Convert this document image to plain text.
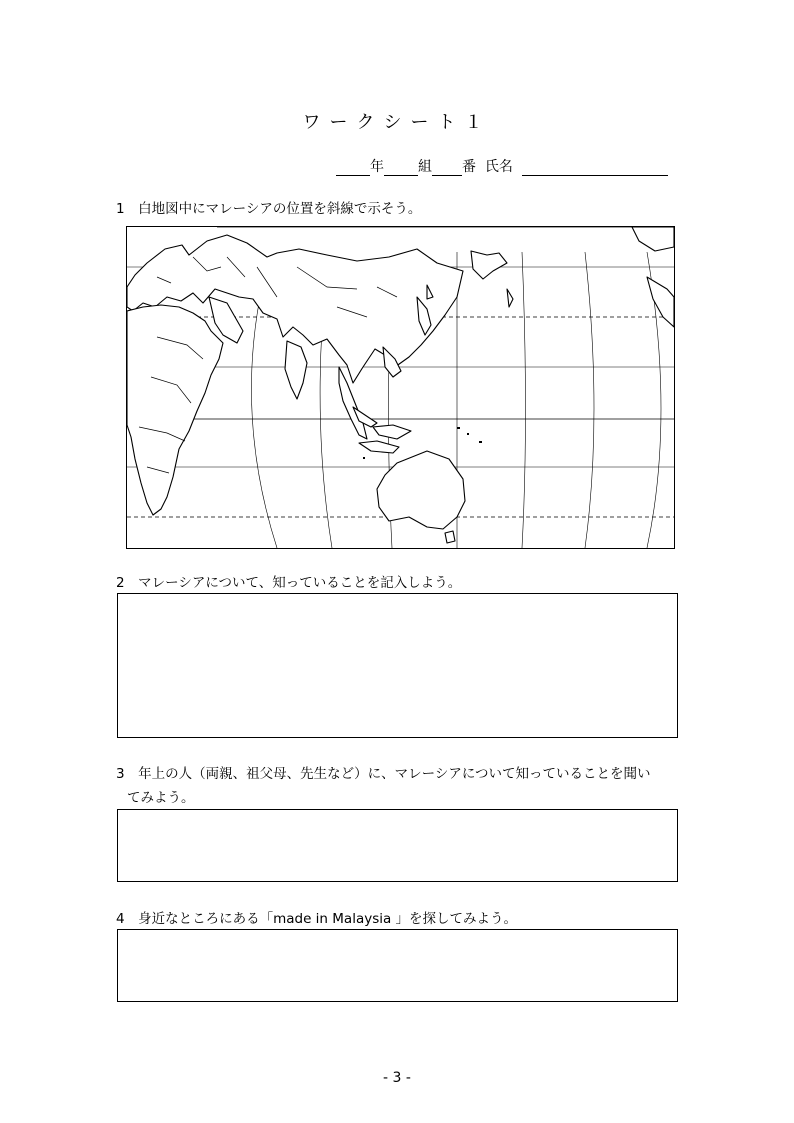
ワークシート１
年 組 番 氏名
1　白地図中にマレーシアの位置を斜線で示そう。
2　マレーシアについて、知っていることを記入しよう。
3　年上の人（両親、祖父母、先生など）に、マレーシアについて知っていることを聞い
てみよう。
4　身近なところにある「made in Malaysia 」を探してみよう。
- 3 -
